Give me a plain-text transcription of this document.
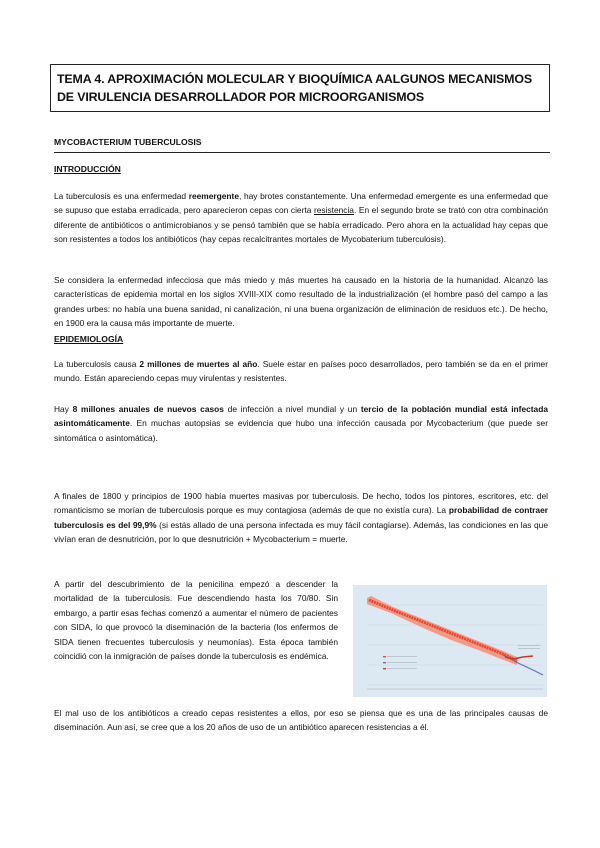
TEMA 4. APROXIMACIÓN MOLECULAR Y BIOQUÍMICA AALGUNOS MECANISMOS DE VIRULENCIA DESARROLLADOR POR MICROORGANISMOS
MYCOBACTERIUM TUBERCULOSIS
INTRODUCCIÓN

La tuberculosis es una enfermedad reemergente, hay brotes constantemente. Una enfermedad emergente es una enfermedad que se supuso que estaba erradicada, pero aparecieron cepas con cierta resistencia. En el segundo brote se trató con otra combinación diferente de antibióticos o antimicrobianos y se pensó también que se había erradicado. Pero ahora en la actualidad hay cepas que son resistentes a todos los antibióticos (hay cepas recalcitrantes mortales de Mycobaterium tuberculosis).

Se considera la enfermedad infecciosa que más miedo y más muertes ha causado en la historia de la humanidad. Alcanzó las características de epidemia mortal en los siglos XVIII-XIX como resultado de la industrialización (el hombre pasó del campo a las grandes urbes: no había una buena sanidad, ni canalización, ni una buena organización de eliminación de residuos etc.). De hecho, en 1900 era la causa más importante de muerte.

EPIDEMIOLOGÍA

La tuberculosis causa 2 millones de muertes al año. Suele estar en países poco desarrollados, pero también se da en el primer mundo. Están apareciendo cepas muy virulentas y resistentes.

Hay 8 millones anuales de nuevos casos de infección a nivel mundial y un tercio de la población mundial está infectada asintomáticamente. En muchas autopsias se evidencia que hubo una infección causada por Mycobacterium (que puede ser sintomática o asintomática).

A finales de 1800 y principios de 1900 había muertes masivas por tuberculosis. De hecho, todos los pintores, escritores, etc. del romanticismo se morían de tuberculosis porque es muy contagiosa (además de que no existía cura). La probabilidad de contraer tuberculosis es del 99,9% (si estás allado de una persona infectada es muy fácil contagiarse). Además, las condiciones en las que vivían eran de desnutrición, por lo que desnutrición + Mycobacterium = muerte.

A partir del descubrimiento de la penicilina empezó a descender la mortalidad de la tuberculosis. Fue descendiendo hasta los 70/80. Sin embargo, a partir esas fechas comenzó a aumentar el número de pacientes con SIDA, lo que provocó la diseminación de la bacteria (los enfermos de SIDA tienen frecuentes tuberculosis y neumonías). Esta época también coincidió con la inmigración de países donde la tuberculosis es endémica.

El mal uso de los antibióticos a creado cepas resistentes a ellos, por eso se piensa que es una de las principales causas de diseminación. Aun así, se cree que a los 20 años de uso de un antibiótico aparecen resistencias a él.
